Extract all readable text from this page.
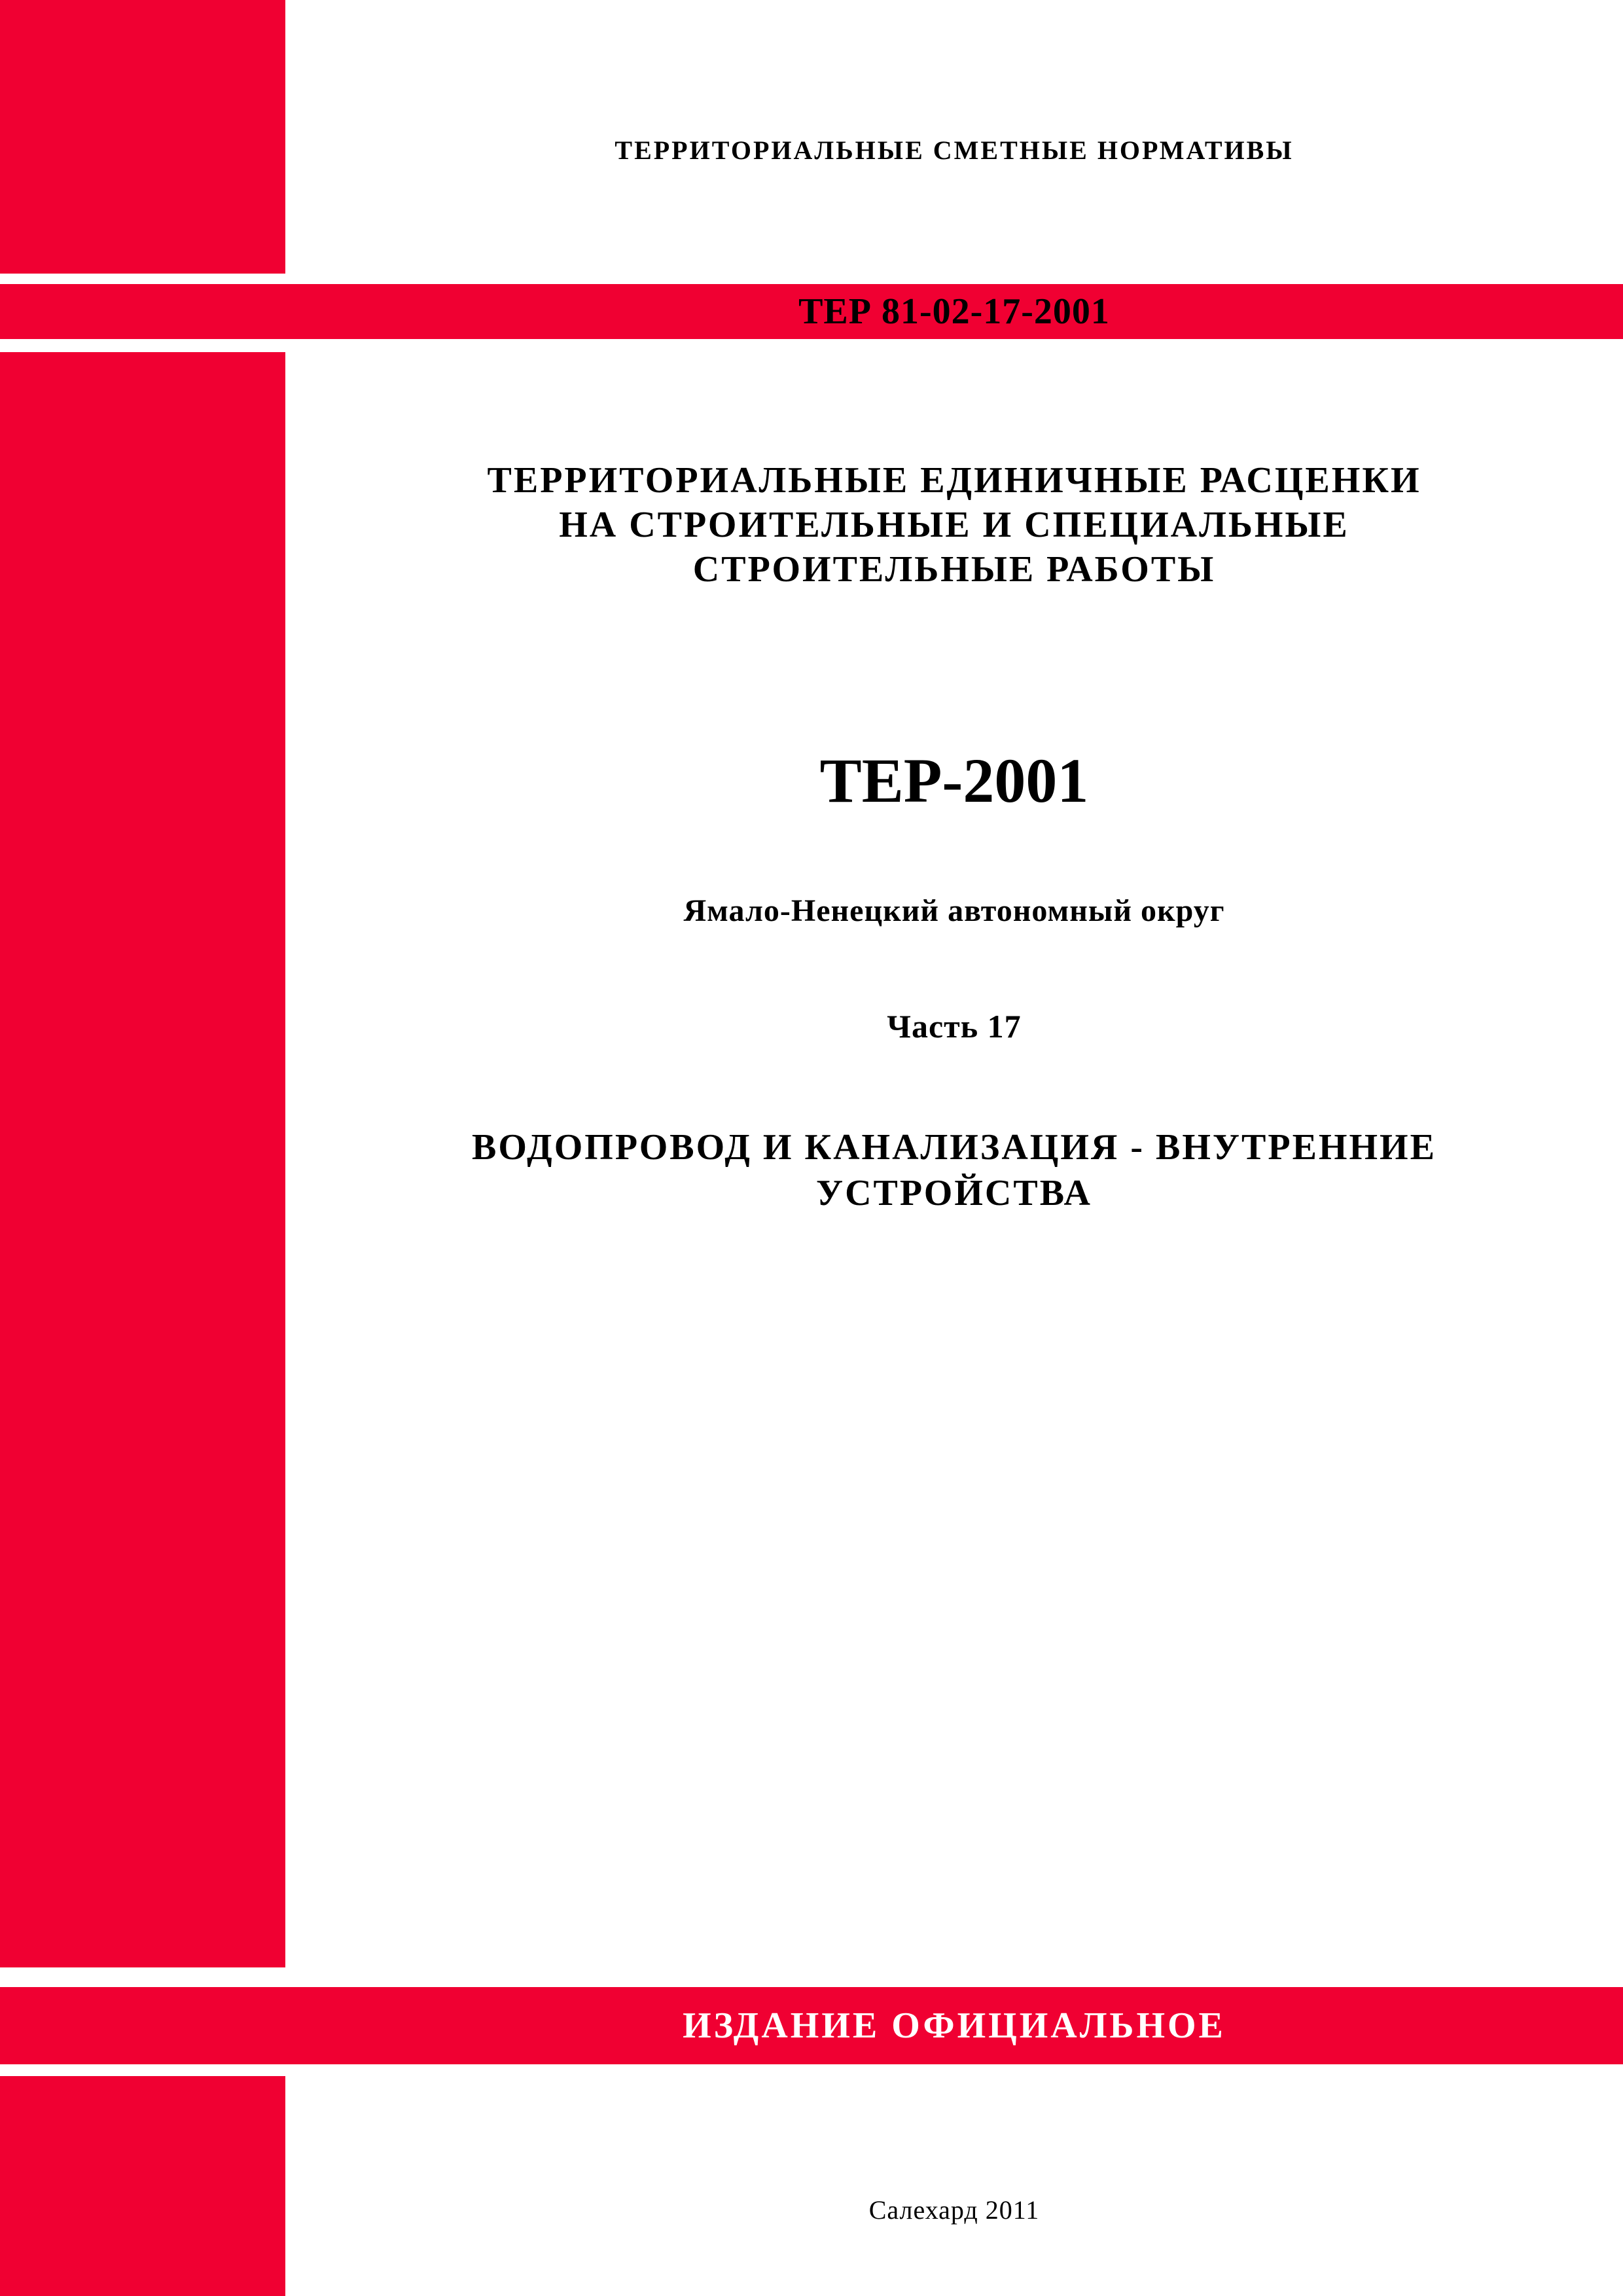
ТЕРРИТОРИАЛЬНЫЕ СМЕТНЫЕ НОРМАТИВЫ
ТЕР 81-02-17-2001
ТЕРРИТОРИАЛЬНЫЕ ЕДИНИЧНЫЕ РАСЦЕНКИ
НА СТРОИТЕЛЬНЫЕ И СПЕЦИАЛЬНЫЕ
СТРОИТЕЛЬНЫЕ РАБОТЫ
ТЕР-2001
Ямало-Ненецкий автономный округ
Часть 17
ВОДОПРОВОД И КАНАЛИЗАЦИЯ - ВНУТРЕННИЕ
УСТРОЙСТВА
ИЗДАНИЕ ОФИЦИАЛЬНОЕ
Салехард 2011
